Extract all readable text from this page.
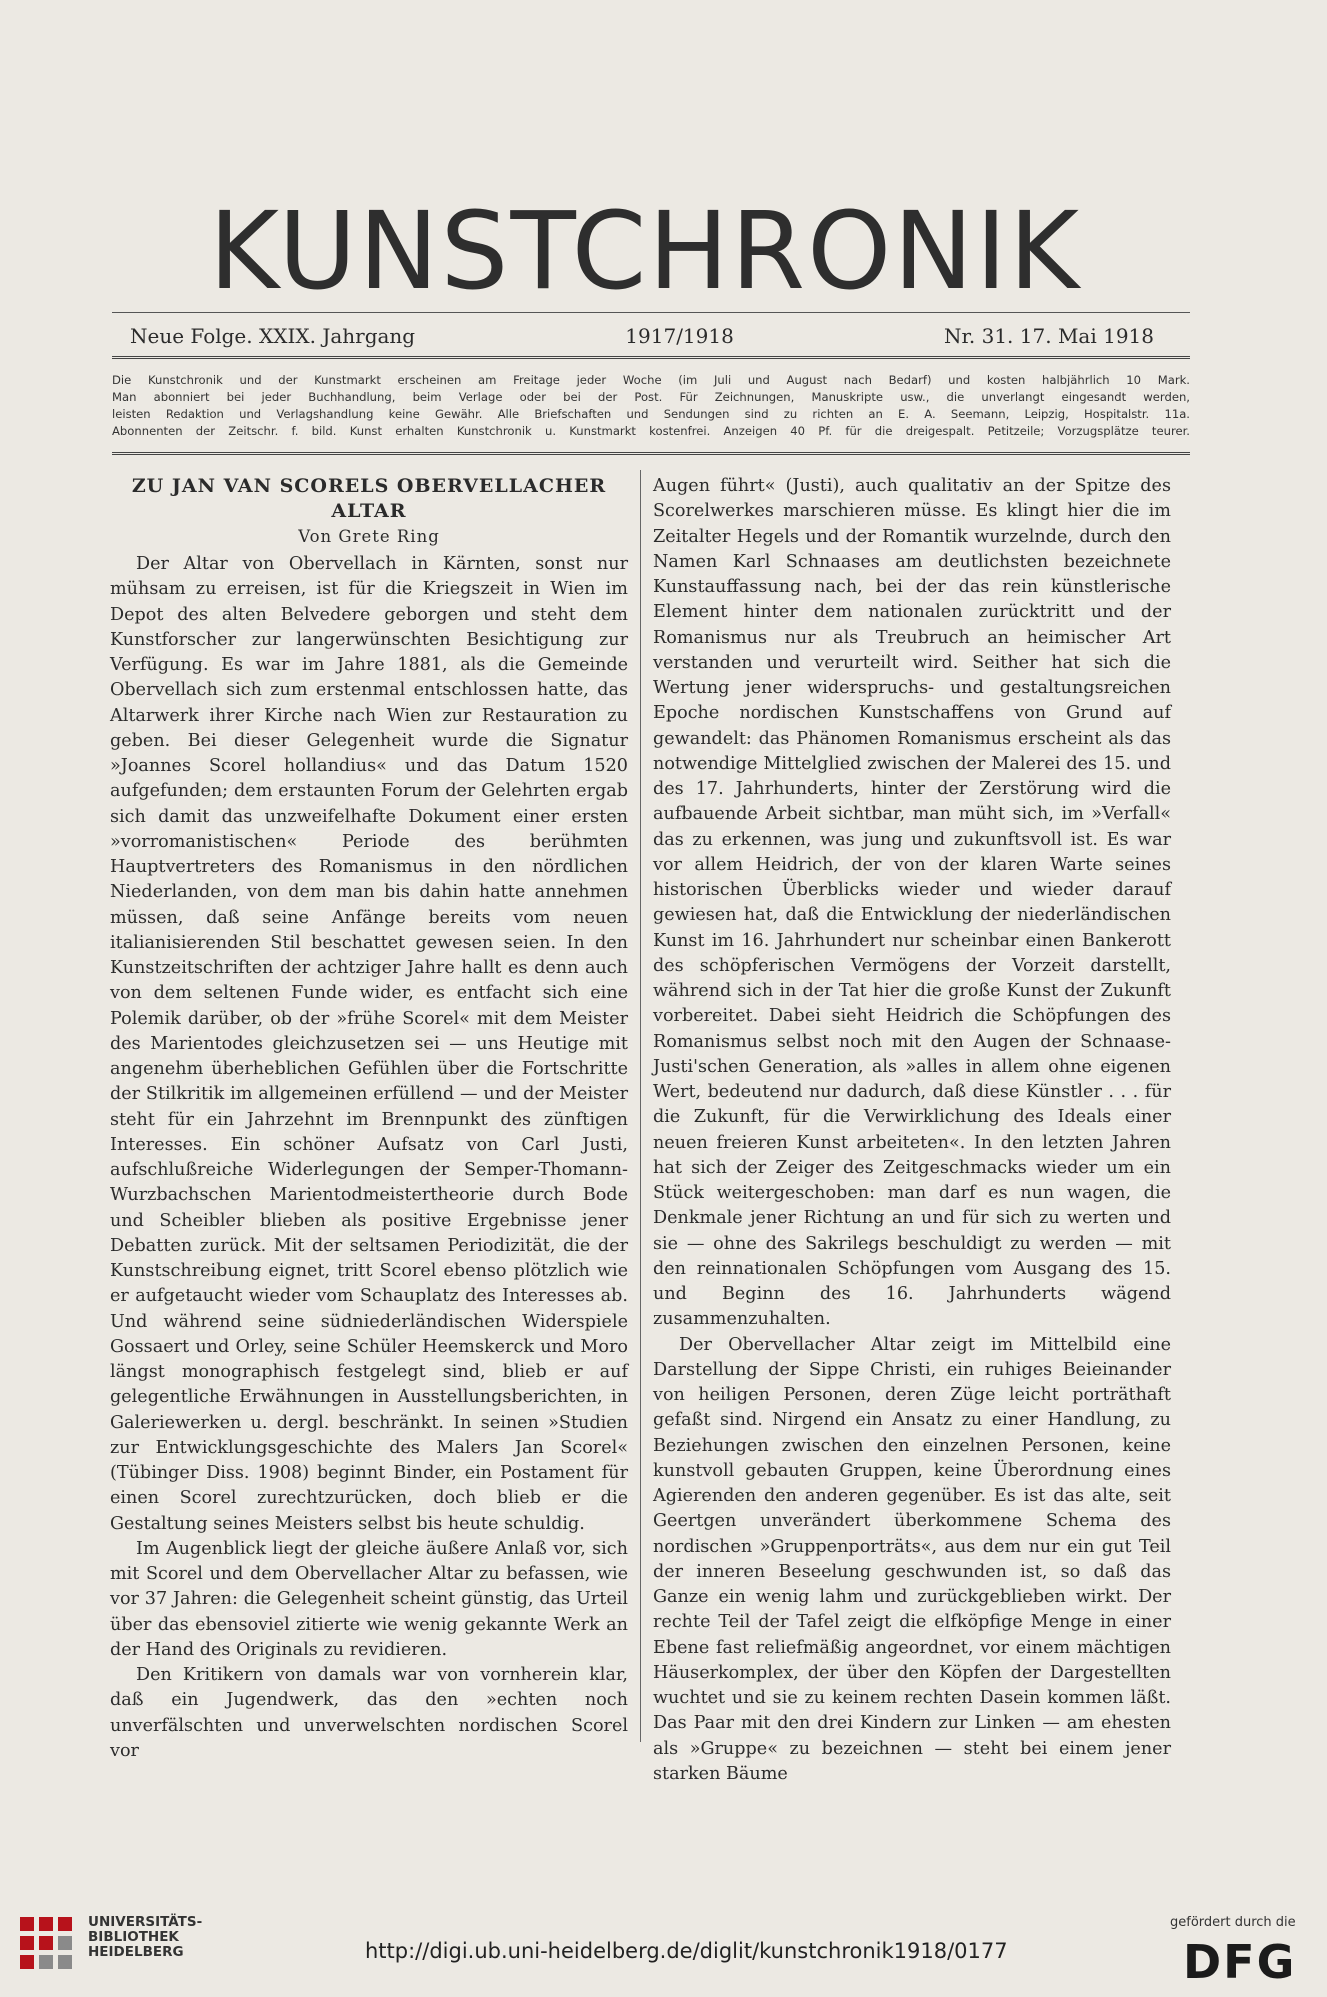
KUNSTCHRONIK
Neue Folge. XXIX. Jahrgang	1917/1918	Nr. 31. 17. Mai 1918
Die Kunstchronik und der Kunstmarkt erscheinen am Freitage jeder Woche (im Juli und August nach Bedarf) und kosten halbjährlich 10 Mark.
Man abonniert bei jeder Buchhandlung, beim Verlage oder bei der Post. Für Zeichnungen, Manuskripte usw., die unverlangt eingesandt werden,
leisten Redaktion und Verlagshandlung keine Gewähr. Alle Briefschaften und Sendungen sind zu richten an E. A. Seemann, Leipzig, Hospitalstr. 11a.
Abonnenten der Zeitschr. f. bild. Kunst erhalten Kunstchronik u. Kunstmarkt kostenfrei. Anzeigen 40 Pf. für die dreigespalt. Petitzeile; Vorzugsplätze teurer.
ZU JAN VAN SCORELS OBERVELLACHER ALTAR
Von Grete Ring

Der Altar von Obervellach in Kärnten, sonst nur mühsam zu erreisen, ist für die Kriegszeit in Wien im Depot des alten Belvedere geborgen und steht dem Kunstforscher zur langerwünschten Besichtigung zur Verfügung. Es war im Jahre 1881, als die Gemeinde Obervellach sich zum erstenmal entschlossen hatte, das Altarwerk ihrer Kirche nach Wien zur Restauration zu geben. Bei dieser Gelegenheit wurde die Signatur »Joannes Scorel hollandius« und das Datum 1520 aufgefunden; dem erstaunten Forum der Gelehrten ergab sich damit das unzweifelhafte Dokument einer ersten »vorromanistischen« Periode des berühmten Hauptvertreters des Romanismus in den nördlichen Niederlanden, von dem man bis dahin hatte annehmen müssen, daß seine Anfänge bereits vom neuen italianisierenden Stil beschattet gewesen seien. In den Kunstzeitschriften der achtziger Jahre hallt es denn auch von dem seltenen Funde wider, es entfacht sich eine Polemik darüber, ob der »frühe Scorel« mit dem Meister des Marientodes gleichzusetzen sei — uns Heutige mit angenehm überheblichen Gefühlen über die Fortschritte der Stilkritik im allgemeinen erfüllend — und der Meister steht für ein Jahrzehnt im Brennpunkt des zünftigen Interesses. Ein schöner Aufsatz von Carl Justi, aufschlußreiche Widerlegungen der Semper-Thomann-Wurzbachschen Marientodmeistertheorie durch Bode und Scheibler blieben als positive Ergebnisse jener Debatten zurück. Mit der seltsamen Periodizität, die der Kunstschreibung eignet, tritt Scorel ebenso plötzlich wie er aufgetaucht wieder vom Schauplatz des Interesses ab. Und während seine südniederländischen Widerspiele Gossaert und Orley, seine Schüler Heemskerck und Moro längst monographisch festgelegt sind, blieb er auf gelegentliche Erwähnungen in Ausstellungsberichten, in Galeriewerken u. dergl. beschränkt. In seinen »Studien zur Entwicklungsgeschichte des Malers Jan Scorel« (Tübinger Diss. 1908) beginnt Binder, ein Postament für einen Scorel zurechtzurücken, doch blieb er die Gestaltung seines Meisters selbst bis heute schuldig.

Im Augenblick liegt der gleiche äußere Anlaß vor, sich mit Scorel und dem Obervellacher Altar zu befassen, wie vor 37 Jahren: die Gelegenheit scheint günstig, das Urteil über das ebensoviel zitierte wie wenig gekannte Werk an der Hand des Originals zu revidieren.

Den Kritikern von damals war von vornherein klar, daß ein Jugendwerk, das den »echten noch unverfälschten und unverwelschten nordischen Scorel vor

Augen führt« (Justi), auch qualitativ an der Spitze des Scorelwerkes marschieren müsse. Es klingt hier die im Zeitalter Hegels und der Romantik wurzelnde, durch den Namen Karl Schnaases am deutlichsten bezeichnete Kunstauffassung nach, bei der das rein künstlerische Element hinter dem nationalen zurücktritt und der Romanismus nur als Treubruch an heimischer Art verstanden und verurteilt wird. Seither hat sich die Wertung jener widerspruchs- und gestaltungsreichen Epoche nordischen Kunstschaffens von Grund auf gewandelt: das Phänomen Romanismus erscheint als das notwendige Mittelglied zwischen der Malerei des 15. und des 17. Jahrhunderts, hinter der Zerstörung wird die aufbauende Arbeit sichtbar, man müht sich, im »Verfall« das zu erkennen, was jung und zukunftsvoll ist. Es war vor allem Heidrich, der von der klaren Warte seines historischen Überblicks wieder und wieder darauf gewiesen hat, daß die Entwicklung der niederländischen Kunst im 16. Jahrhundert nur scheinbar einen Bankerott des schöpferischen Vermögens der Vorzeit darstellt, während sich in der Tat hier die große Kunst der Zukunft vorbereitet. Dabei sieht Heidrich die Schöpfungen des Romanismus selbst noch mit den Augen der Schnaase-Justi'schen Generation, als »alles in allem ohne eigenen Wert, bedeutend nur dadurch, daß diese Künstler . . . für die Zukunft, für die Verwirklichung des Ideals einer neuen freieren Kunst arbeiteten«. In den letzten Jahren hat sich der Zeiger des Zeitgeschmacks wieder um ein Stück weitergeschoben: man darf es nun wagen, die Denkmale jener Richtung an und für sich zu werten und sie — ohne des Sakrilegs beschuldigt zu werden — mit den reinnationalen Schöpfungen vom Ausgang des 15. und Beginn des 16. Jahrhunderts wägend zusammenzuhalten.

Der Obervellacher Altar zeigt im Mittelbild eine Darstellung der Sippe Christi, ein ruhiges Beieinander von heiligen Personen, deren Züge leicht porträthaft gefaßt sind. Nirgend ein Ansatz zu einer Handlung, zu Beziehungen zwischen den einzelnen Personen, keine kunstvoll gebauten Gruppen, keine Überordnung eines Agierenden den anderen gegenüber. Es ist das alte, seit Geertgen unverändert überkommene Schema des nordischen »Gruppenporträts«, aus dem nur ein gut Teil der inneren Beseelung geschwunden ist, so daß das Ganze ein wenig lahm und zurückgeblieben wirkt. Der rechte Teil der Tafel zeigt die elfköpfige Menge in einer Ebene fast reliefmäßig angeordnet, vor einem mächtigen Häuserkomplex, der über den Köpfen der Dargestellten wuchtet und sie zu keinem rechten Dasein kommen läßt. Das Paar mit den drei Kindern zur Linken — am ehesten als »Gruppe« zu bezeichnen — steht bei einem jener starken Bäume

UNIVERSITÄTS-
BIBLIOTHEK
HEIDELBERG	http://digi.ub.uni-heidelberg.de/diglit/kunstchronik1918/0177
gefördert durch die
DFG
